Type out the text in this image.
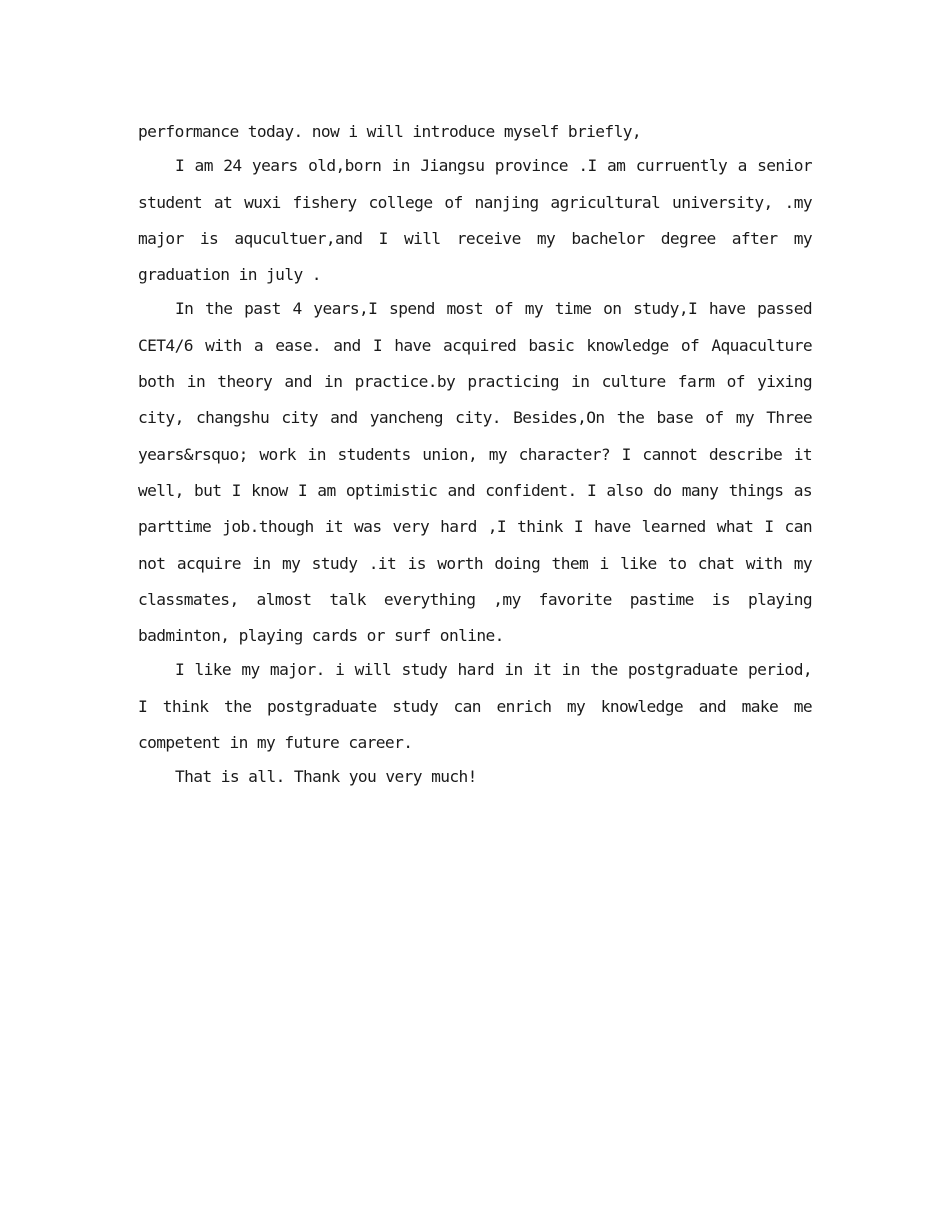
performance today. now i will introduce myself briefly,

I am 24 years old,born in Jiangsu province .I am curruently a senior student at wuxi fishery college of nanjing agricultural university, .my major is aqucultuer,and I will receive my bachelor degree after my graduation in july .

In the past 4 years,I spend most of my time on study,I have passed CET4/6 with a ease. and I have acquired basic knowledge of Aquaculture both in theory and in practice.by practicing in culture farm of yixing city, changshu city and yancheng city. Besides,On the base of my Three years&rsquo; work in students union, my character? I cannot describe it well, but I know I am optimistic and confident. I also do many things as parttime job.though it was very hard ,I think I have learned what I can not acquire in my study .it is worth doing them i like to chat with my classmates, almost talk everything ,my favorite pastime is playing badminton, playing cards or surf online.

I like my major. i will study hard in it in the postgraduate period, I think the postgraduate study can enrich my knowledge and make me competent in my future career.

That is all. Thank you very much!
